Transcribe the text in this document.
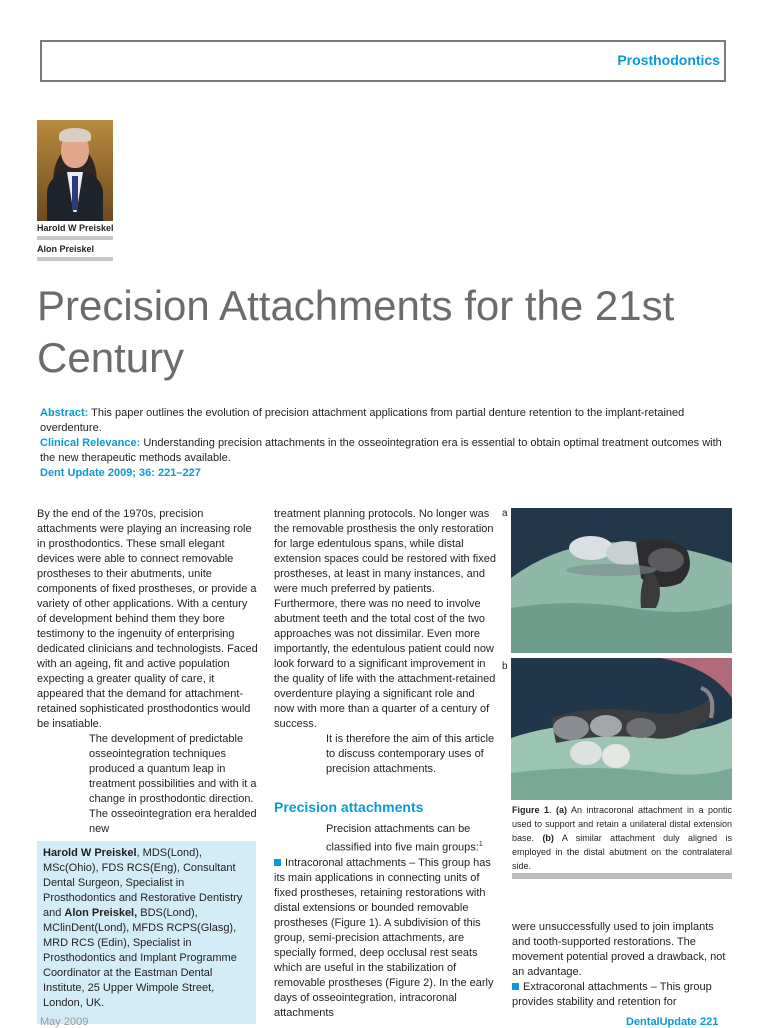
Prosthodontics
Harold W Preiskel
Alon Preiskel
Precision Attachments for the 21st Century

Abstract: This paper outlines the evolution of precision attachment applications from partial denture retention to the implant-retained overdenture.

Clinical Relevance: Understanding precision attachments in the osseointegration era is essential to obtain optimal treatment outcomes with the new therapeutic methods available.

Dent Update 2009; 36: 221–227

By the end of the 1970s, precision attachments were playing an increasing role in prosthodontics. These small elegant devices were able to connect removable prostheses to their abutments, unite components of fixed prostheses, or provide a variety of other applications. With a century of development behind them they bore testimony to the ingenuity of enterprising dedicated clinicians and technologists. Faced with an ageing, fit and active population expecting a greater quality of care, it appeared that the demand for attachment-retained sophisticated prosthodontics would be insatiable.

The development of predictable osseointegration techniques produced a quantum leap in treatment possibilities and with it a change in prosthodontic direction. The osseointegration era heralded new

Harold W Preiskel, MDS(Lond), MSc(Ohio), FDS RCS(Eng), Consultant Dental Surgeon, Specialist in Prosthodontics and Restorative Dentistry and Alon Preiskel, BDS(Lond), MClinDent(Lond), MFDS RCPS(Glasg), MRD RCS (Edin), Specialist in Prosthodontics and Implant Programme Coordinator at the Eastman Dental Institute, 25 Upper Wimpole Street, London, UK.

treatment planning protocols. No longer was the removable prosthesis the only restoration for large edentulous spans, while distal extension spaces could be restored with fixed prostheses, at least in many instances, and were much preferred by patients. Furthermore, there was no need to involve abutment teeth and the total cost of the two approaches was not dissimilar. Even more importantly, the edentulous patient could now look forward to a significant improvement in the quality of life with the attachment-retained overdenture playing a significant role and now with more than a quarter of a century of success.

It is therefore the aim of this article to discuss contemporary uses of precision attachments.

Precision attachments

Precision attachments can be classified into five main groups:$^1$

Intracoronal attachments – This group has its main applications in connecting units of fixed prostheses, retaining restorations with distal extensions or bounded removable prostheses (Figure 1). A subdivision of this group, semi-precision attachments, are specially formed, deep occlusal rest seats which are useful in the stabilization of removable prostheses (Figure 2). In the early days of osseointegration, intracoronal attachments

a
b
Figure 1. (a) An intracoronal attachment in a pontic used to support and retain a unilateral distal extension base. (b) A similar attachment duly aligned is employed in the distal abutment on the contralateral side.

were unsuccessfully used to join implants and tooth-supported restorations. The movement potential proved a drawback, not an advantage.

Extracoronal attachments – This group provides stability and retention for

May 2009	DentalUpdate 221
